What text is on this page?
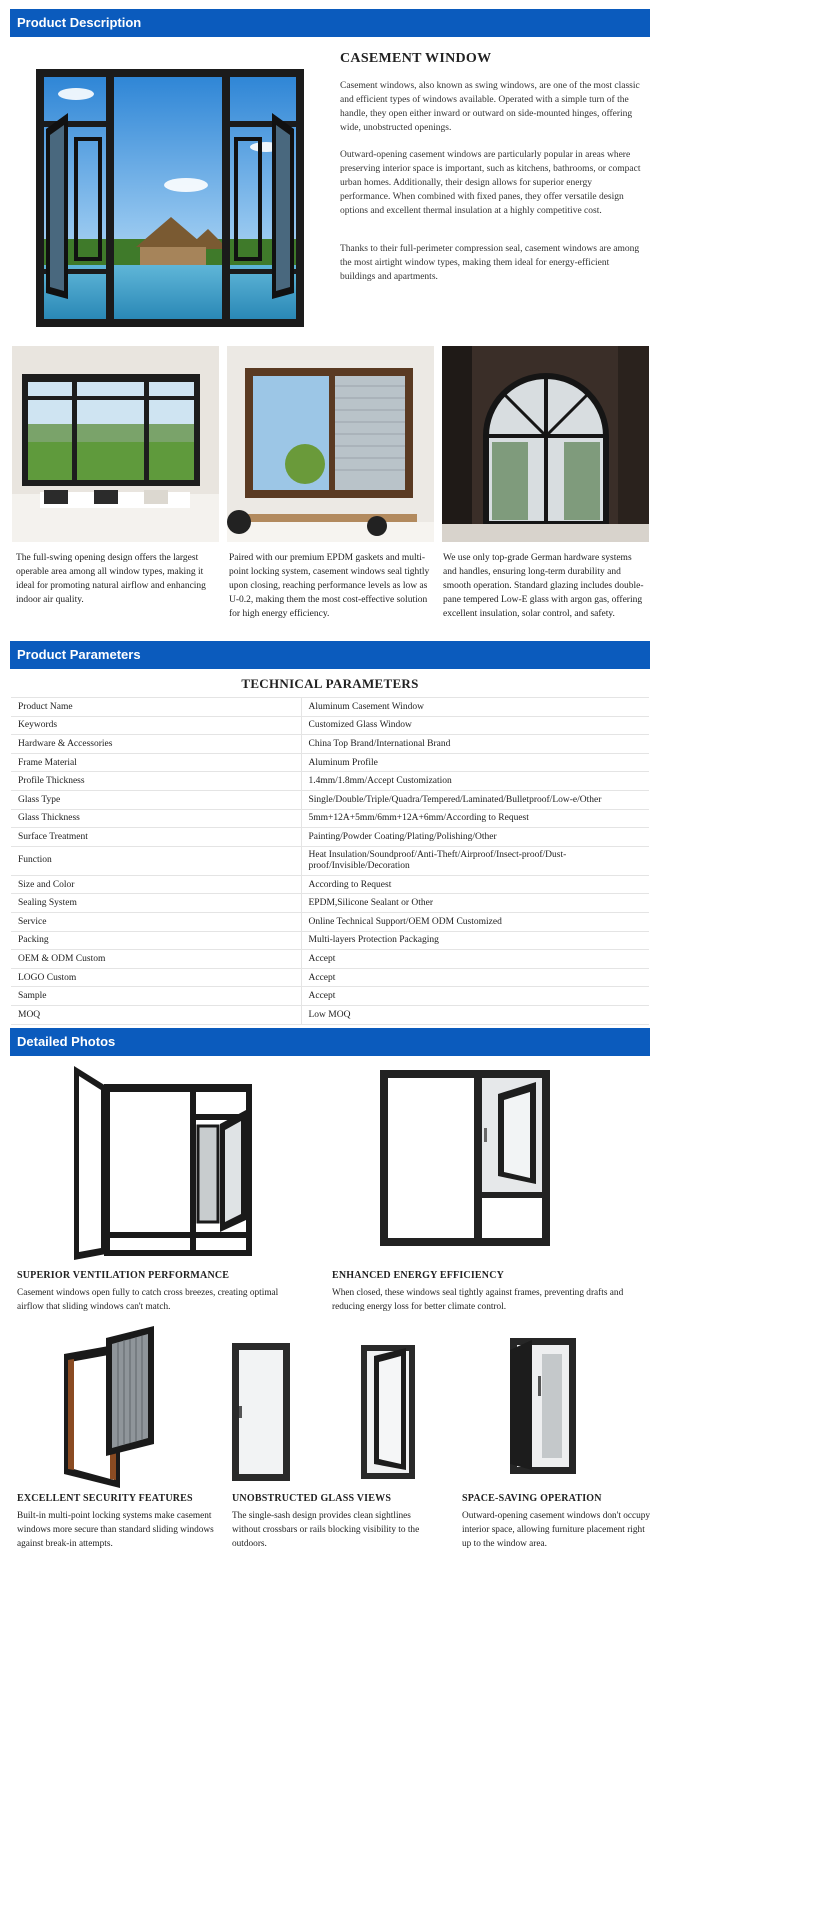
Product Description
CASEMENT WINDOW

Casement windows, also known as swing windows, are one of the most classic and efficient types of windows available. Operated with a simple turn of the handle, they open either inward or outward on side-mounted hinges, offering wide, unobstructed openings.

Outward-opening casement windows are particularly popular in areas where preserving interior space is important, such as kitchens, bathrooms, or compact urban homes. Additionally, their design allows for superior energy performance. When combined with fixed panes, they offer versatile design options and excellent thermal insulation at a highly competitive cost.

Thanks to their full-perimeter compression seal, casement windows are among the most airtight window types, making them ideal for energy-efficient buildings and apartments.

The full-swing opening design offers the largest operable area among all window types, making it ideal for promoting natural airflow and enhancing indoor air quality.

Paired with our premium EPDM gaskets and multi-point locking system, casement windows seal tightly upon closing, reaching performance levels as low as U-0.2, making them the most cost-effective solution for high energy efficiency.

We use only top-grade German hardware systems and handles, ensuring long-term durability and smooth operation. Standard glazing includes double-pane tempered Low-E glass with argon gas, offering excellent insulation, solar control, and safety.

Product Parameters
TECHNICAL PARAMETERS
Product Name	Aluminum Casement Window
Keywords	Customized Glass Window
Hardware & Accessories	China Top Brand/International Brand
Frame Material	Aluminum Profile
Profile Thickness	1.4mm/1.8mm/Accept Customization
Glass Type	Single/Double/Triple/Quadra/Tempered/Laminated/Bulletproof/Low-e/Other
Glass Thickness	5mm+12A+5mm/6mm+12A+6mm/According to Request
Surface Treatment	Painting/Powder Coating/Plating/Polishing/Other
Function	Heat Insulation/Soundproof/Anti-Theft/Airproof/Insect-proof/Dust-proof/Invisible/Decoration
Size and Color	According to Request
Sealing System	EPDM,Silicone Sealant or Other
Service	Online Technical Support/OEM ODM Customized
Packing	Multi-layers Protection Packaging
OEM & ODM Custom	Accept
LOGO Custom	Accept
Sample	Accept
MOQ	Low MOQ
Detailed Photos
SUPERIOR VENTILATION PERFORMANCE

Casement windows open fully to catch cross breezes, creating optimal airflow that sliding windows can't match.

ENHANCED ENERGY EFFICIENCY

When closed, these windows seal tightly against frames, preventing drafts and reducing energy loss for better climate control.

EXCELLENT SECURITY FEATURES

Built-in multi-point locking systems make casement windows more secure than standard sliding windows against break-in attempts.

UNOBSTRUCTED GLASS VIEWS

The single-sash design provides clean sightlines without crossbars or rails blocking visibility to the outdoors.

SPACE-SAVING OPERATION

Outward-opening casement windows don't occupy interior space, allowing furniture placement right up to the window area.
